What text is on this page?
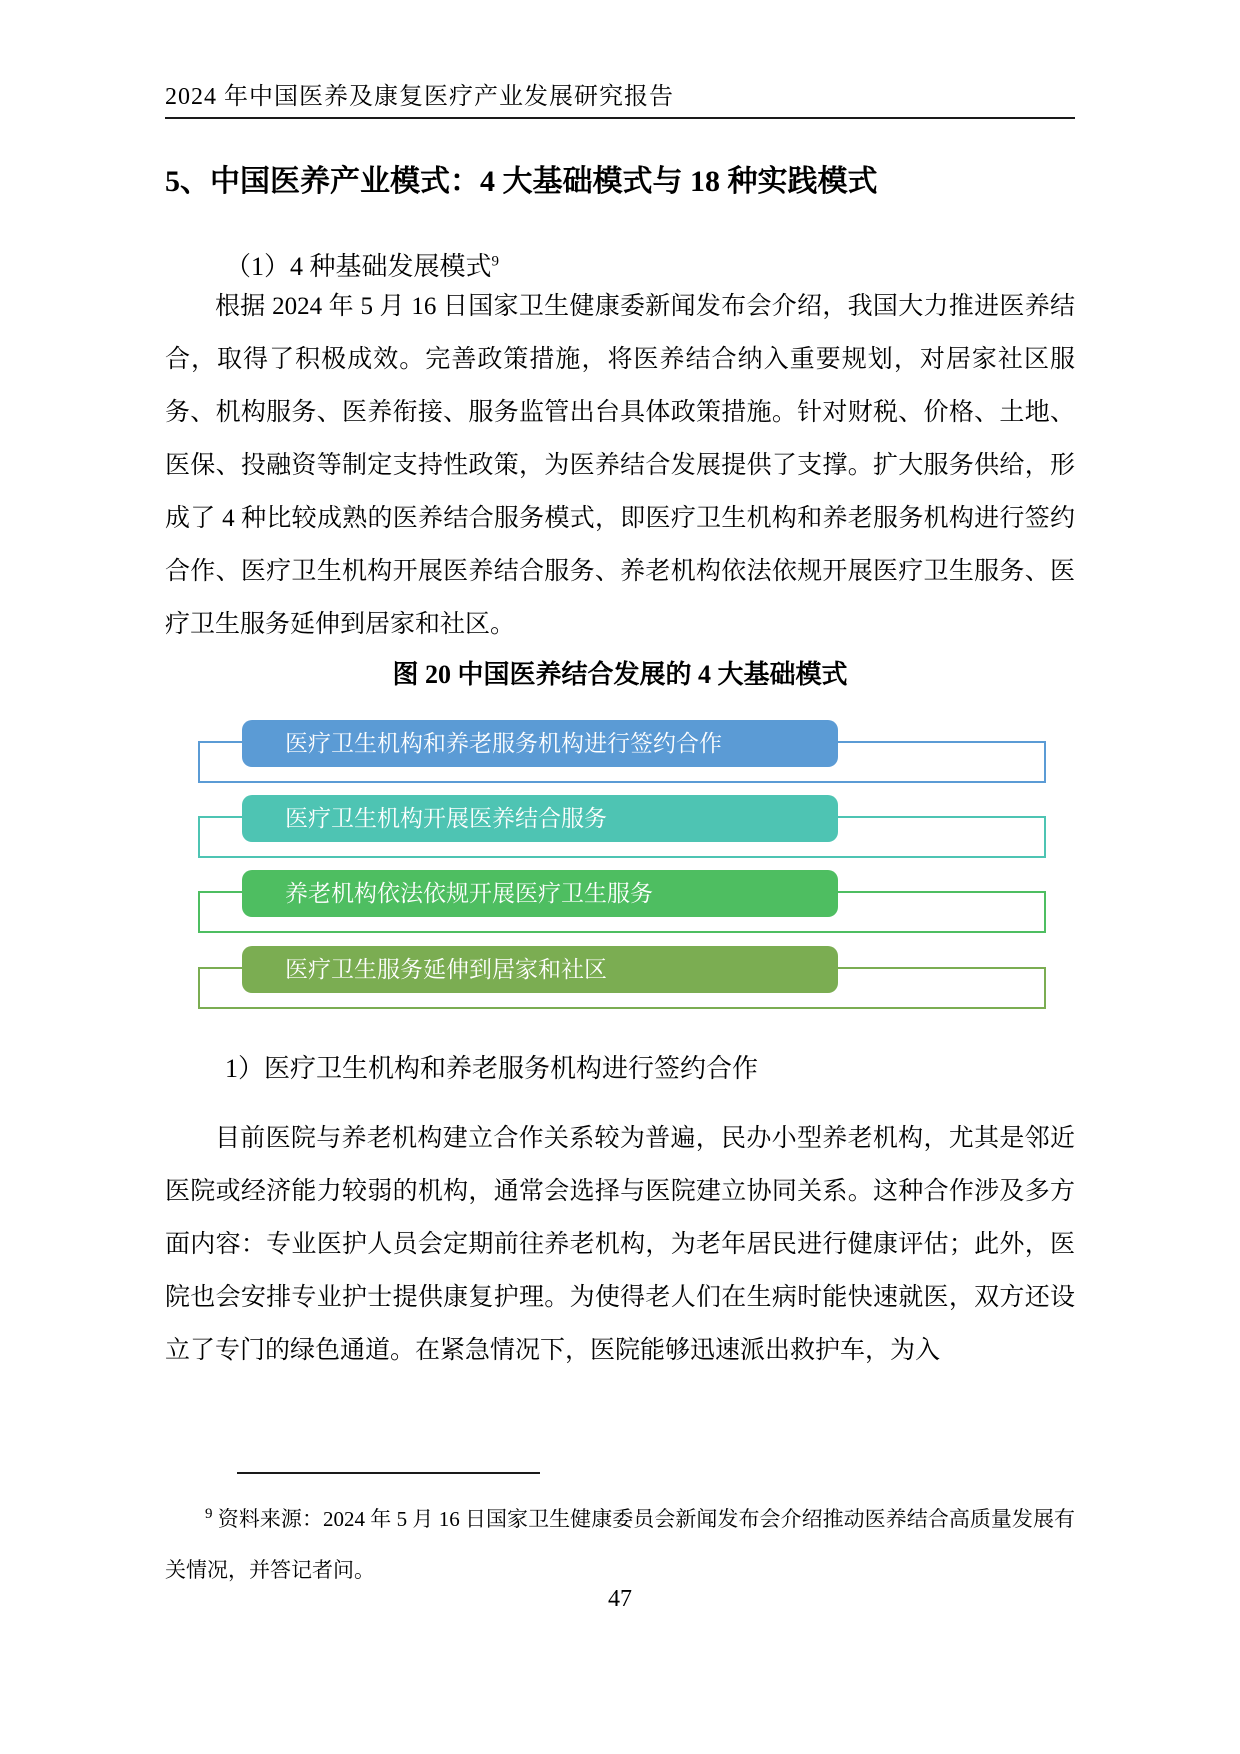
2024 年中国医养及康复医疗产业发展研究报告
5、中国医养产业模式：4 大基础模式与 18 种实践模式
（1）4 种基础发展模式$^9$
根据 2024 年 5 月 16 日国家卫生健康委新闻发布会介绍，我国大力推进医养结合，取得了积极成效。完善政策措施，将医养结合纳入重要规划，对居家社区服务、机构服务、医养衔接、服务监管出台具体政策措施。针对财税、价格、土地、医保、投融资等制定支持性政策，为医养结合发展提供了支撑。扩大服务供给，形成了 4 种比较成熟的医养结合服务模式，即医疗卫生机构和养老服务机构进行签约合作、医疗卫生机构开展医养结合服务、养老机构依法依规开展医疗卫生服务、医疗卫生服务延伸到居家和社区。
图 20 中国医养结合发展的 4 大基础模式
医疗卫生机构和养老服务机构进行签约合作
医疗卫生机构开展医养结合服务
养老机构依法依规开展医疗卫生服务
医疗卫生服务延伸到居家和社区
1）医疗卫生机构和养老服务机构进行签约合作
目前医院与养老机构建立合作关系较为普遍，民办小型养老机构，尤其是邻近医院或经济能力较弱的机构，通常会选择与医院建立协同关系。这种合作涉及多方面内容：专业医护人员会定期前往养老机构，为老年居民进行健康评估；此外，医院也会安排专业护士提供康复护理。为使得老人们在生病时能快速就医，双方还设立了专门的绿色通道。在紧急情况下，医院能够迅速派出救护车，为入
$^9$ 资料来源：2024 年 5 月 16 日国家卫生健康委员会新闻发布会介绍推动医养结合高质量发展有关情况，并答记者问。
47
